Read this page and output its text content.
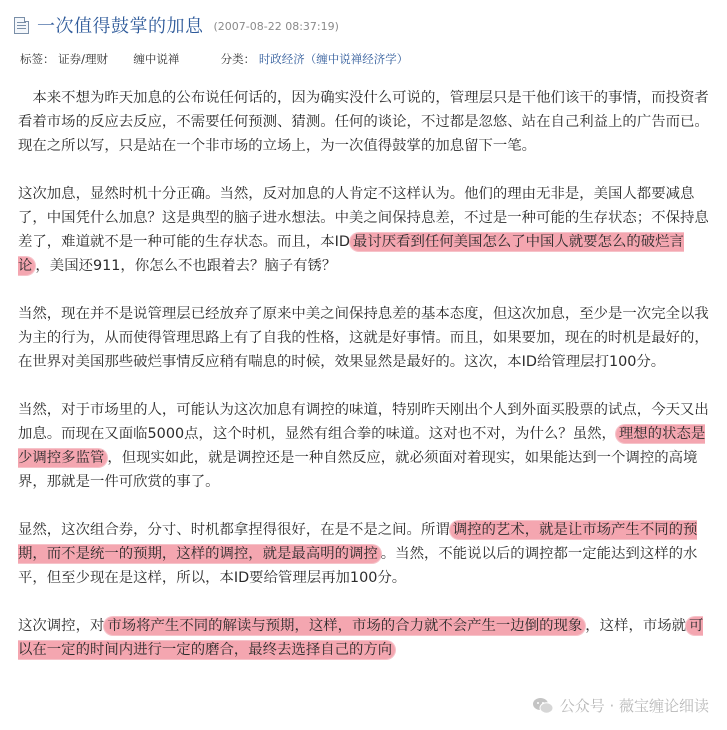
一次值得鼓掌的加息 (2007-08-22 08:37:19)
标签： 证券/理财 缠中说禅	分类： 时政经济（缠中说禅经济学）

 本来不想为昨天加息的公布说任何话的，因为确实没什么可说的，管理层只是干他们该干的事情，而投资者看着市场的反应去反应，不需要任何预测、猜测。任何的谈论，不过都是忽悠、站在自己利益上的广告而已。现在之所以写，只是站在一个非市场的立场上，为一次值得鼓掌的加息留下一笔。

这次加息，显然时机十分正确。当然，反对加息的人肯定不这样认为。他们的理由无非是，美国人都要减息了，中国凭什么加息？这是典型的脑子进水想法。中美之间保持息差，不过是一种可能的生存状态；不保持息差了，难道就不是一种可能的生存状态。而且，本ID 最讨厌看到任何美国怎么了中国人就要怎么的破烂言论 ，美国还911，你怎么不也跟着去？脑子有锈？

当然，现在并不是说管理层已经放弃了原来中美之间保持息差的基本态度，但这次加息，至少是一次完全以我为主的行为，从而使得管理思路上有了自我的性格，这就是好事情。而且，如果要加，现在的时机是最好的，在世界对美国那些破烂事情反应稍有喘息的时候，效果显然是最好的。这次，本ID给管理层打100分。

当然，对于市场里的人，可能认为这次加息有调控的味道，特别昨天刚出个人到外面买股票的试点，今天又出加息。而现在又面临5000点，这个时机，显然有组合拳的味道。这对也不对，为什么？虽然， 理想的状态是少调控多监管 ，但现实如此，就是调控还是一种自然反应，就必须面对着现实，如果能达到一个调控的高境界，那就是一件可欣赏的事了。

显然，这次组合券，分寸、时机都拿捏得很好，在是不是之间。所谓 调控的艺术，就是让市场产生不同的预期，而不是统一的预期，这样的调控，就是最高明的调控 。当然，不能说以后的调控都一定能达到这样的水平，但至少现在是这样，所以，本ID要给管理层再加100分。

这次调控，对 市场将产生不同的解读与预期，这样，市场的合力就不会产生一边倒的现象 ，这样，市场就 可以在一定的时间内进行一定的磨合，最终去选择自己的方向

公众号 · 薇宝缠论细读
